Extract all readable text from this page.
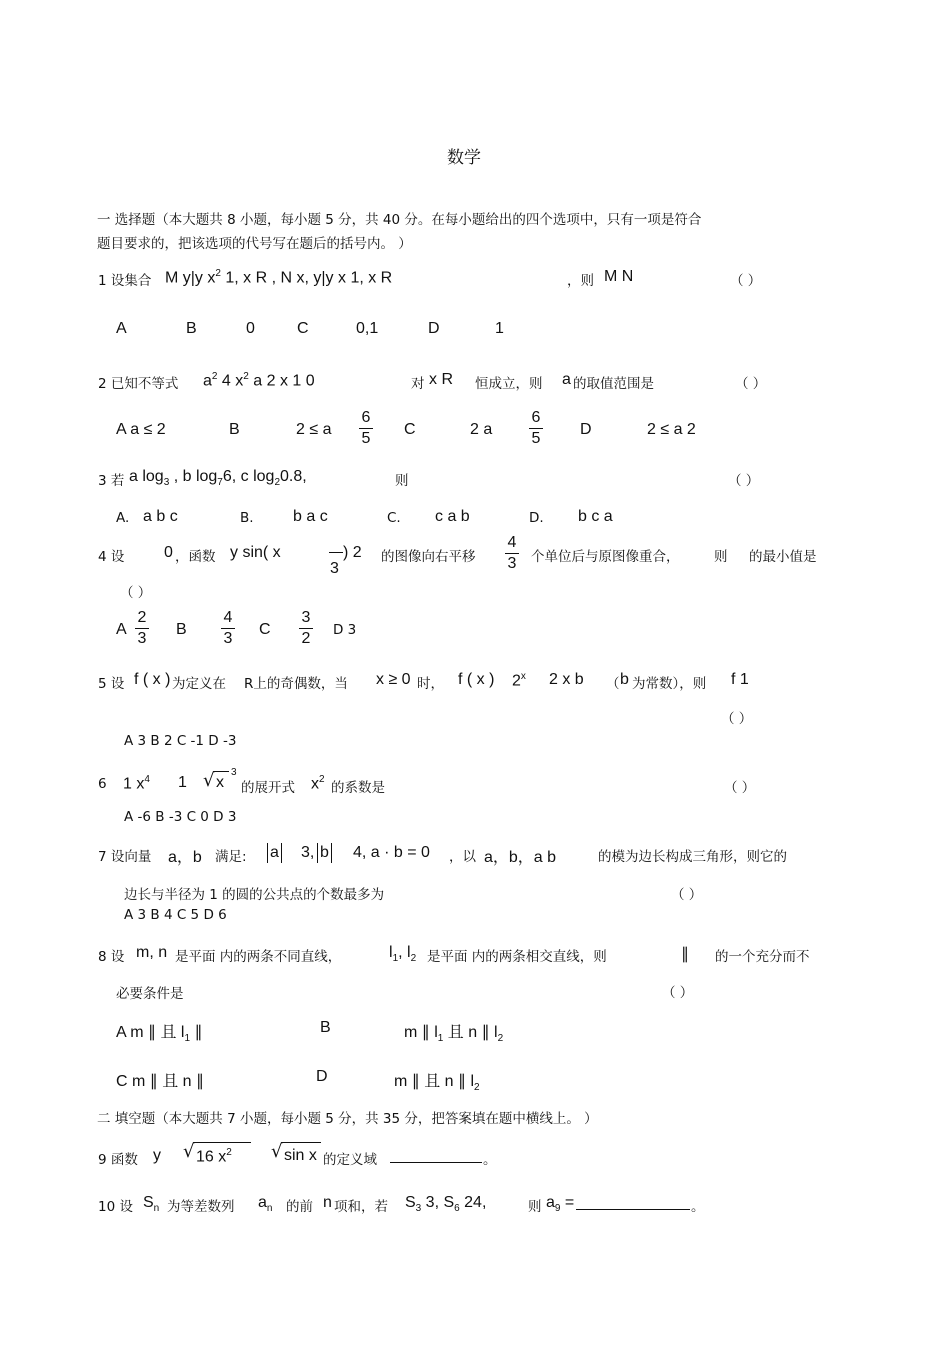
数学
一 选择题（本大题共 8 小题，每小题 5 分，共 40 分。在每小题给出的四个选项中，只有一项是符合
题目要求的，把该选项的代号写在题后的括号内。 ）
1 设集合 M y|y $x^2$ 1, x R , N x, y|y x 1, x R	，则 M N	（ ）
A	B	0	C	0,1	D	1
2 已知不等式 $a^2$ 4 $x^2$ a 2 x 1 0	对 x R 恒成立，则 a 的取值范围是	（ ）
A a ≤ 2	B	2 ≤ a
6
5
C	2 a
6
5
D	2 ≤ a 2
3 若 a $\log_3$ , b $\log_76$, c $\log_20.8$,	则	（ ）
A. a b c	B. b a c	C. c a b	D. b c a
4 设 0 ，函数 y sin( x
3
) 2 的图像向右平移
4
3 个单位后与原图像重合，	则 的最小值是
（ ）
A
2
3
B
4
3
C
3
2 D 3
5 设 f ( x ) 为定义在 R上的奇偶数，当 x ≥ 0 时， f ( x ) 2$^x$ 2 x b （ b 为常数），则 f 1
（ ）
A 3 B 2 C -1 D -3
6 1 $x^4$ 1 √ x
3
的展开式 $x^2$
的系数是	（ ）
A -6 B -3 C 0 D 3
7 设向量 a，b 满足: a 3, b 4, a · b = 0 ，以 a，b，a b	的模为边长构成三角形，则它的
边长与半径为 1 的圆的公共点的个数最多为	（ ）
A 3 B 4 C 5 D 6
8 设 m, n 是平面 内的两条不同直线，	$l_1$, $l_2$ 是平面 内的两条相交直线，则	∥ 的一个充分而不
必要条件是	（ ）
A m ∥ 且 $l_1$ ∥	B	m ∥ $l_1$ 且 n ∥ $l_2$
C m ∥ 且 n ∥	D	m ∥ 且 n ∥ $l_2$
二 填空题（本大题共 7 小题，每小题 5 分，共 35 分，把答案填在题中横线上。 ）
9 函数 y √ 16 $x^2$ √ sin x 的定义域	。
10 设 $S_n$ 为等差数列 $a_n$ 的前 n 项和，若 $S_3$ 3, $S_6$ 24,	则 $a_9$ =	。
